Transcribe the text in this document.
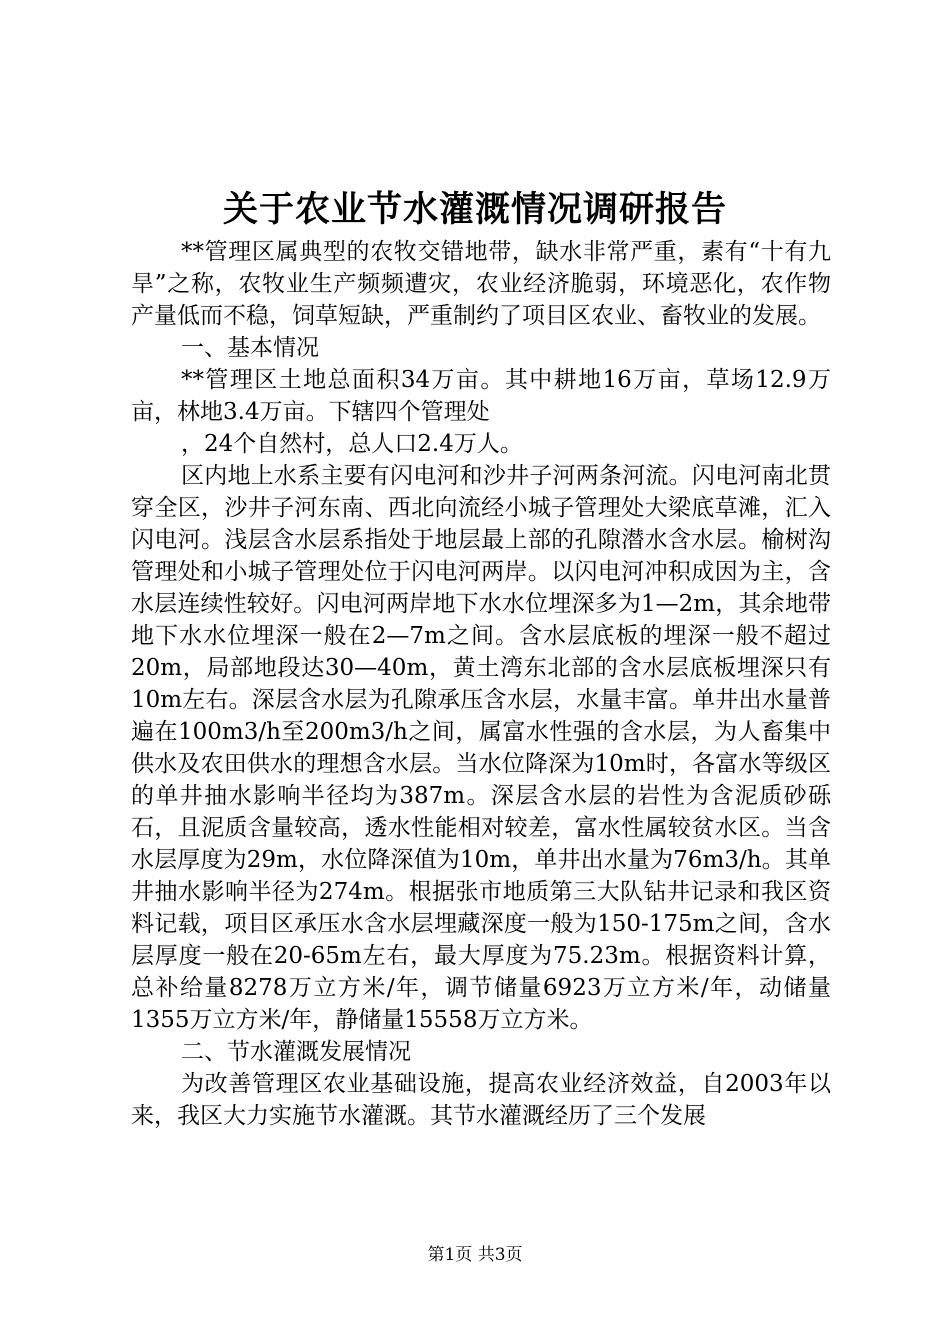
关于农业节水灌溉情况调研报告

**管理区属典型的农牧交错地带，缺水非常严重，素有“十有九旱”之称，农牧业生产频频遭灾，农业经济脆弱，环境恶化，农作物产量低而不稳，饲草短缺，严重制约了项目区农业、畜牧业的发展。

一、基本情况

**管理区土地总面积34万亩。其中耕地16万亩，草场12.9万亩，林地3.4万亩。下辖四个管理处

，24个自然村，总人口2.4万人。

区内地上水系主要有闪电河和沙井子河两条河流。闪电河南北贯穿全区，沙井子河东南、西北向流经小城子管理处大梁底草滩，汇入闪电河。浅层含水层系指处于地层最上部的孔隙潜水含水层。榆树沟管理处和小城子管理处位于闪电河两岸。以闪电河冲积成因为主，含水层连续性较好。闪电河两岸地下水水位埋深多为1—2m，其余地带地下水水位埋深一般在2—7m之间。含水层底板的埋深一般不超过20m，局部地段达30—40m，黄土湾东北部的含水层底板埋深只有10m左右。深层含水层为孔隙承压含水层，水量丰富。单井出水量普遍在100m3/h至200m3/h之间，属富水性强的含水层，为人畜集中供水及农田供水的理想含水层。当水位降深为10m时，各富水等级区的单井抽水影响半径均为387m。深层含水层的岩性为含泥质砂砾石，且泥质含量较高，透水性能相对较差，富水性属较贫水区。当含水层厚度为29m，水位降深值为10m，单井出水量为76m3/h。其单井抽水影响半径为274m。根据张市地质第三大队钻井记录和我区资料记载，项目区承压水含水层埋藏深度一般为150-175m之间，含水层厚度一般在20-65m左右，最大厚度为75.23m。根据资料计算，总补给量8278万立方米/年，调节储量6923万立方米/年，动储量1355万立方米/年，静储量15558万立方米。

二、节水灌溉发展情况

为改善管理区农业基础设施，提高农业经济效益，自2003年以来，我区大力实施节水灌溉。其节水灌溉经历了三个发展

第1页 共3页
